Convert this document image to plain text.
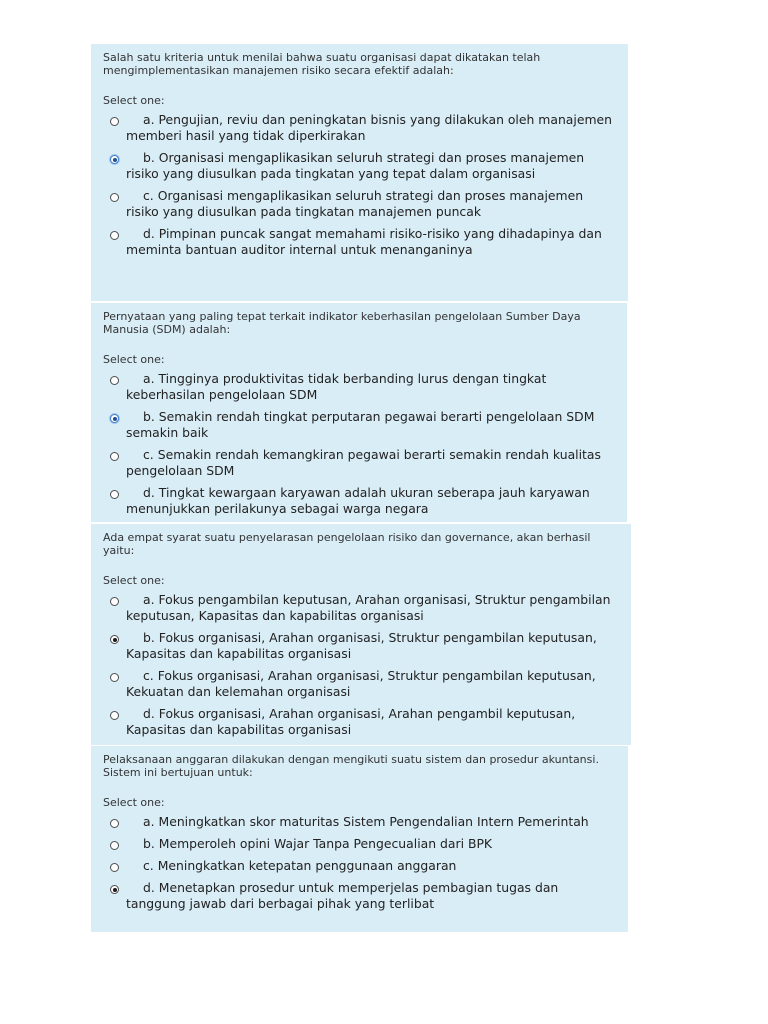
Salah satu kriteria untuk menilai bahwa suatu organisasi dapat dikatakan telah mengimplementasikan manajemen risiko secara efektif adalah:

Select one:
a. Pengujian, reviu dan peningkatan bisnis yang dilakukan oleh manajemen memberi hasil yang tidak diperkirakan
b. Organisasi mengaplikasikan seluruh strategi dan proses manajemen risiko yang diusulkan pada tingkatan yang tepat dalam organisasi
c. Organisasi mengaplikasikan seluruh strategi dan proses manajemen risiko yang diusulkan pada tingkatan manajemen puncak
d. Pimpinan puncak sangat memahami risiko-risiko yang dihadapinya dan meminta bantuan auditor internal untuk menanganinya

Pernyataan yang paling tepat terkait indikator keberhasilan pengelolaan Sumber Daya Manusia (SDM) adalah:

Select one:
a. Tingginya produktivitas tidak berbanding lurus dengan tingkat keberhasilan pengelolaan SDM
b. Semakin rendah tingkat perputaran pegawai berarti pengelolaan SDM semakin baik
c. Semakin rendah kemangkiran pegawai berarti semakin rendah kualitas pengelolaan SDM
d. Tingkat kewargaan karyawan adalah ukuran seberapa jauh karyawan menunjukkan perilakunya sebagai warga negara

Ada empat syarat suatu penyelarasan pengelolaan risiko dan governance, akan berhasil yaitu:

Select one:
a. Fokus pengambilan keputusan, Arahan organisasi, Struktur pengambilan keputusan, Kapasitas dan kapabilitas organisasi
b. Fokus organisasi, Arahan organisasi, Struktur pengambilan keputusan, Kapasitas dan kapabilitas organisasi
c. Fokus organisasi, Arahan organisasi, Struktur pengambilan keputusan, Kekuatan dan kelemahan organisasi
d. Fokus organisasi, Arahan organisasi, Arahan pengambil keputusan, Kapasitas dan kapabilitas organisasi

Pelaksanaan anggaran dilakukan dengan mengikuti suatu sistem dan prosedur akuntansi. Sistem ini bertujuan untuk:

Select one:
a. Meningkatkan skor maturitas Sistem Pengendalian Intern Pemerintah
b. Memperoleh opini Wajar Tanpa Pengecualian dari BPK
c. Meningkatkan ketepatan penggunaan anggaran
d. Menetapkan prosedur untuk memperjelas pembagian tugas dan tanggung jawab dari berbagai pihak yang terlibat
